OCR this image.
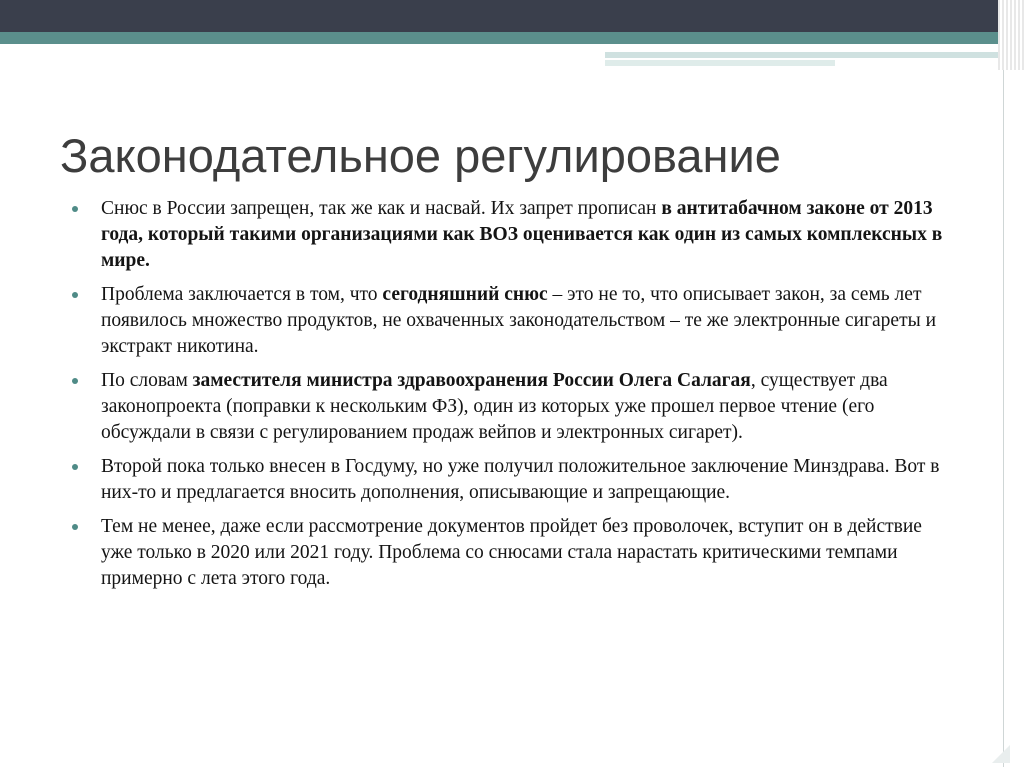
Законодательное регулирование
Снюс в России запрещен, так же как и насвай. Их запрет прописан в антитабачном законе от 2013 года, который такими организациями как ВОЗ оценивается как один из самых комплексных в мире.
Проблема заключается в том, что сегодняшний снюс – это не то, что описывает закон, за семь лет появилось множество продуктов, не охваченных законодательством – те же электронные сигареты и экстракт никотина.
По словам заместителя министра здравоохранения России Олега Салагая, существует два законопроекта (поправки к нескольким ФЗ), один из которых уже прошел первое чтение (его обсуждали в связи с регулированием продаж вейпов и электронных сигарет).
Второй пока только внесен в Госдуму, но уже получил положительное заключение Минздрава. Вот в них-то и предлагается вносить дополнения, описывающие и запрещающие.
Тем не менее, даже если рассмотрение документов пройдет без проволочек, вступит он в действие уже только в 2020 или 2021 году. Проблема со снюсами стала нарастать критическими темпами примерно с лета этого года.
